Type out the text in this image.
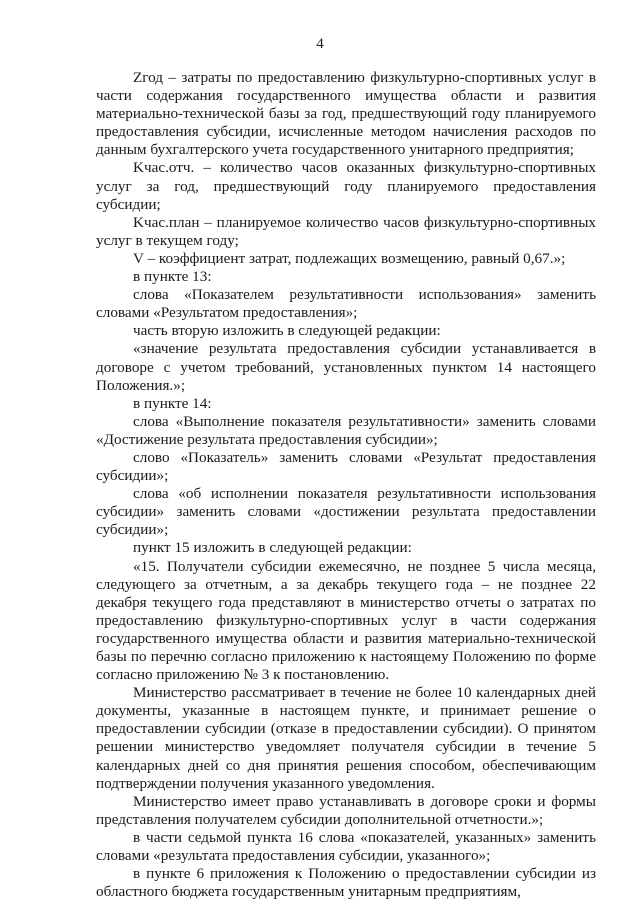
4

Zгод – затраты по предоставлению физкультурно-спортивных услуг в части содержания государственного имущества области и развития материально-технической базы за год, предшествующий году планируемого предоставления субсидии, исчисленные методом начисления расходов по данным бухгалтерского учета государственного унитарного предприятия;

Kчас.отч. – количество часов оказанных физкультурно-спортивных услуг за год, предшествующий году планируемого предоставления субсидии;

Kчас.план – планируемое количество часов физкультурно-спортивных услуг в текущем году;

V – коэффициент затрат, подлежащих возмещению, равный 0,67.»;

в пункте 13:

слова «Показателем результативности использования» заменить словами «Результатом предоставления»;

часть вторую изложить в следующей редакции:

«значение результата предоставления субсидии устанавливается в договоре с учетом требований, установленных пунктом 14 настоящего Положения.»;

в пункте 14:

слова «Выполнение показателя результативности» заменить словами «Достижение результата предоставления субсидии»;

слово «Показатель» заменить словами «Результат предоставления субсидии»;

слова «об исполнении показателя результативности использования субсидии» заменить словами «достижении результата предоставлении субсидии»;

пункт 15 изложить в следующей редакции:

«15. Получатели субсидии ежемесячно, не позднее 5 числа месяца, следующего за отчетным, а за декабрь текущего года – не позднее 22 декабря текущего года представляют в министерство отчеты о затратах по предоставлению физкультурно-спортивных услуг в части содержания государственного имущества области и развития материально-технической базы по перечню согласно приложению к настоящему Положению по форме согласно приложению № 3 к постановлению.

Министерство рассматривает в течение не более 10 календарных дней документы, указанные в настоящем пункте, и принимает решение о предоставлении субсидии (отказе в предоставлении субсидии). О принятом решении министерство уведомляет получателя субсидии в течение 5 календарных дней со дня принятия решения способом, обеспечивающим подтверждении получения указанного уведомления.

Министерство имеет право устанавливать в договоре сроки и формы представления получателем субсидии дополнительной отчетности.»;

в части седьмой пункта 16 слова «показателей, указанных» заменить словами «результата предоставления субсидии, указанного»;

в пункте 6 приложения к Положению о предоставлении субсидии из областного бюджета государственным унитарным предприятиям,
